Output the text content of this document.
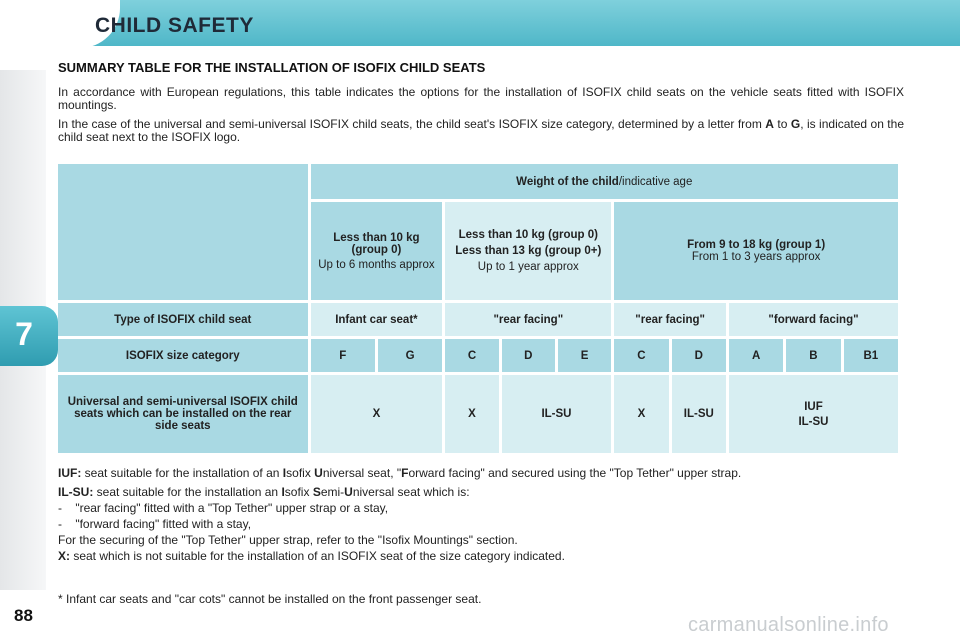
CHILD SAFETY
7
88
SUMMARY TABLE FOR THE INSTALLATION OF ISOFIX CHILD SEATS

In accordance with European regulations, this table indicates the options for the installation of ISOFIX child seats on the vehicle seats fitted with ISOFIX mountings.

In the case of the universal and semi-universal ISOFIX child seats, the child seat's ISOFIX size category, determined by a letter from A to G, is indicated on the child seat next to the ISOFIX logo.

	Weight of the child/indicative age									

	Less than 10 kg (group 0)
Up to 6 months approx		Less than 10 kg (group 0)
Less than 13 kg (group 0+)
Up to 1 year approx			From 9 to 18 kg (group 1)
From 1 to 3 years approx				

Type of ISOFIX child seat	Infant car seat*		"rear facing"			"rear facing"		"forward facing"		
ISOFIX size category	F	G	C	D	E	C	D	A	B	B1
Universal and semi-universal ISOFIX child seats which can be installed on the rear side seats	X		X	IL-SU		X	IL-SU	IUF
IL-SU		

IUF: seat suitable for the installation of an Isofix Universal seat, "Forward facing" and secured using the "Top Tether" upper strap.

IL-SU: seat suitable for the installation an Isofix Semi-Universal seat which is:

-    "rear facing" fitted with a "Top Tether" upper strap or a stay,

-    "forward facing" fitted with a stay,

For the securing of the "Top Tether" upper strap, refer to the "Isofix Mountings" section.

X: seat which is not suitable for the installation of an ISOFIX seat of the size category indicated.

* Infant car seats and "car cots" cannot be installed on the front passenger seat.
carmanualsonline.info
